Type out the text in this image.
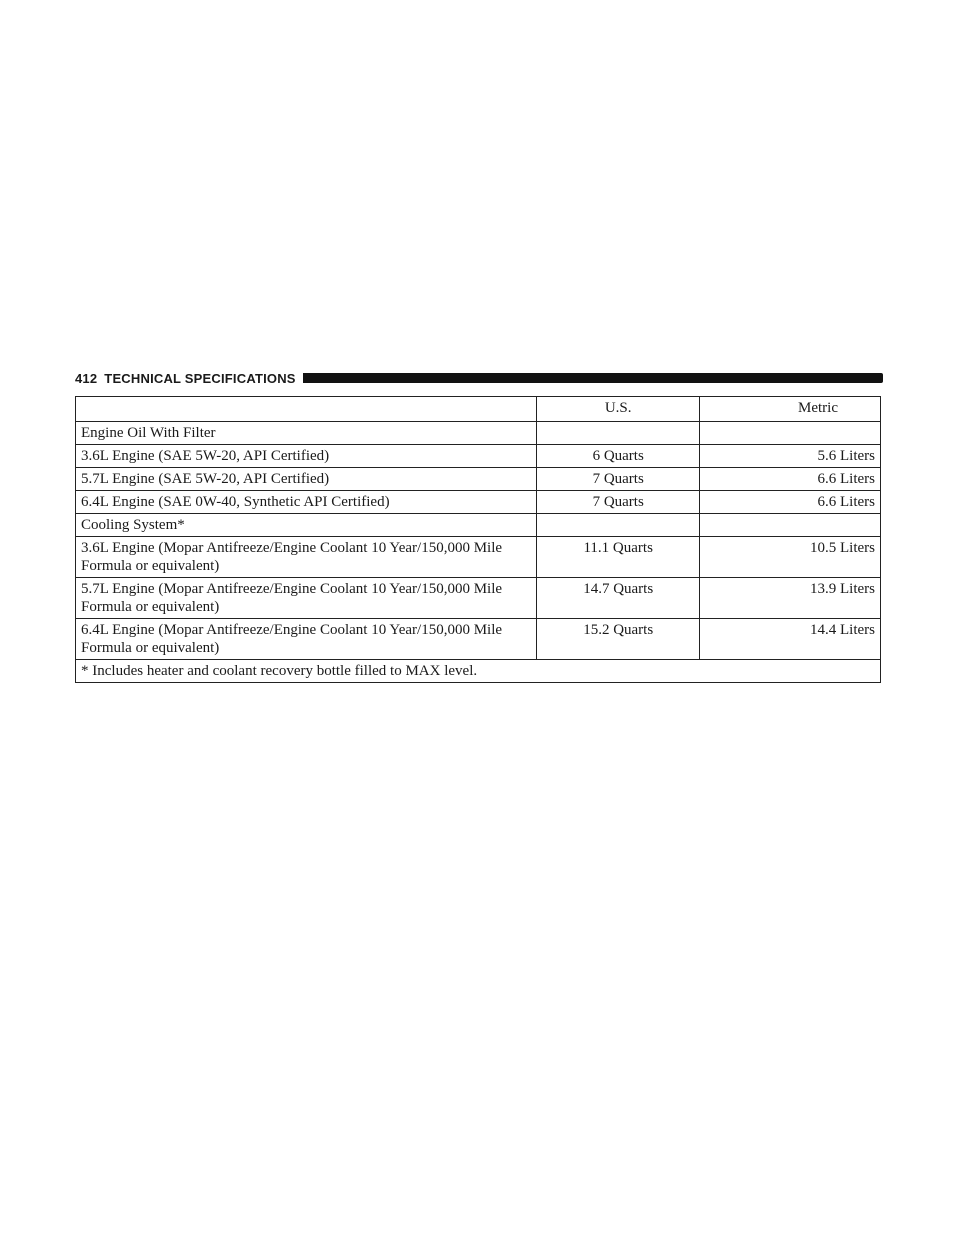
412 TECHNICAL SPECIFICATIONS
	U.S.	Metric
Engine Oil With Filter		
3.6L Engine (SAE 5W-20, API Certified)	6 Quarts	5.6 Liters
5.7L Engine (SAE 5W-20, API Certified)	7 Quarts	6.6 Liters
6.4L Engine (SAE 0W-40, Synthetic API Certified)	7 Quarts	6.6 Liters
Cooling System*		

3.6L Engine (Mopar Antifreeze/Engine Coolant 10 Year/150,000 Mile
Formula or equivalent)	11.1 Quarts	10.5 Liters

5.7L Engine (Mopar Antifreeze/Engine Coolant 10 Year/150,000 Mile
Formula or equivalent)	14.7 Quarts	13.9 Liters

6.4L Engine (Mopar Antifreeze/Engine Coolant 10 Year/150,000 Mile
Formula or equivalent)	15.2 Quarts	14.4 Liters
* Includes heater and coolant recovery bottle filled to MAX level.		
